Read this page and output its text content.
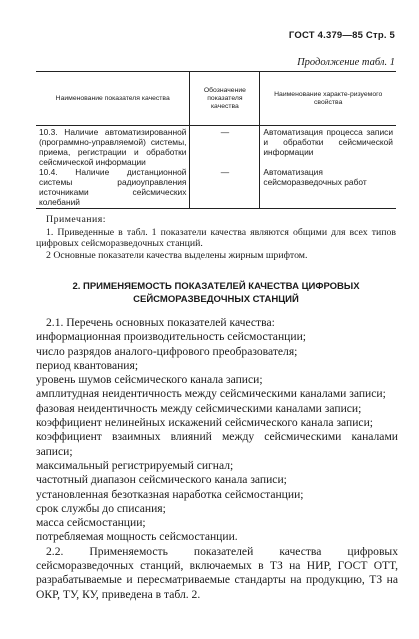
ГОСТ 4.379—85 Стр. 5
Продолжение табл. 1
Наименование показателя качества	Обозначение показателя качества	Наименование характе-ризуемого свойства
10.3. Наличие автоматизированной (программно-управляемой) системы, приема, регистрации и обработки сейсмической информации	—	Автоматизация процесса записи и обработки сейсмической информации
10.4. Наличие дистанционной системы радиоуправления источниками сейсмических колебаний	—	Автоматизация сейсморазведочных работ
Примечания:

1. Приведенные в табл. 1 показатели качества являются общими для всех типов цифровых сейсморазведочных станций.

2 Основные показатели качества выделены жирным шрифтом.

2. ПРИМЕНЯЕМОСТЬ ПОКАЗАТЕЛЕЙ КАЧЕСТВА ЦИФРОВЫХ
СЕЙСМОРАЗВЕДОЧНЫХ СТАНЦИЙ

2.1. Перечень основных показателей качества:

информационная производительность сейсмостанции;

число разрядов аналого-цифрового преобразователя;

период квантования;

уровень шумов сейсмического канала записи;

амплитудная неидентичность между сейсмическими каналами записи;

фазовая неидентичность между сейсмическими каналами записи;

коэффициент нелинейных искажений сейсмического канала записи;

коэффициент взаимных влияний между сейсмическими каналами записи;

максимальный регистрируемый сигнал;

частотный диапазон сейсмического канала записи;

установленная безотказная наработка сейсмостанции;

срок службы до списания;

масса сейсмостанции;

потребляемая мощность сейсмостанции.

2.2. Применяемость показателей качества цифровых сейсморазведочных станций, включаемых в ТЗ на НИР, ГОСТ ОТТ, разрабатываемые и пересматриваемые стандарты на продукцию, ТЗ на ОКР, ТУ, КУ, приведена в табл. 2.
